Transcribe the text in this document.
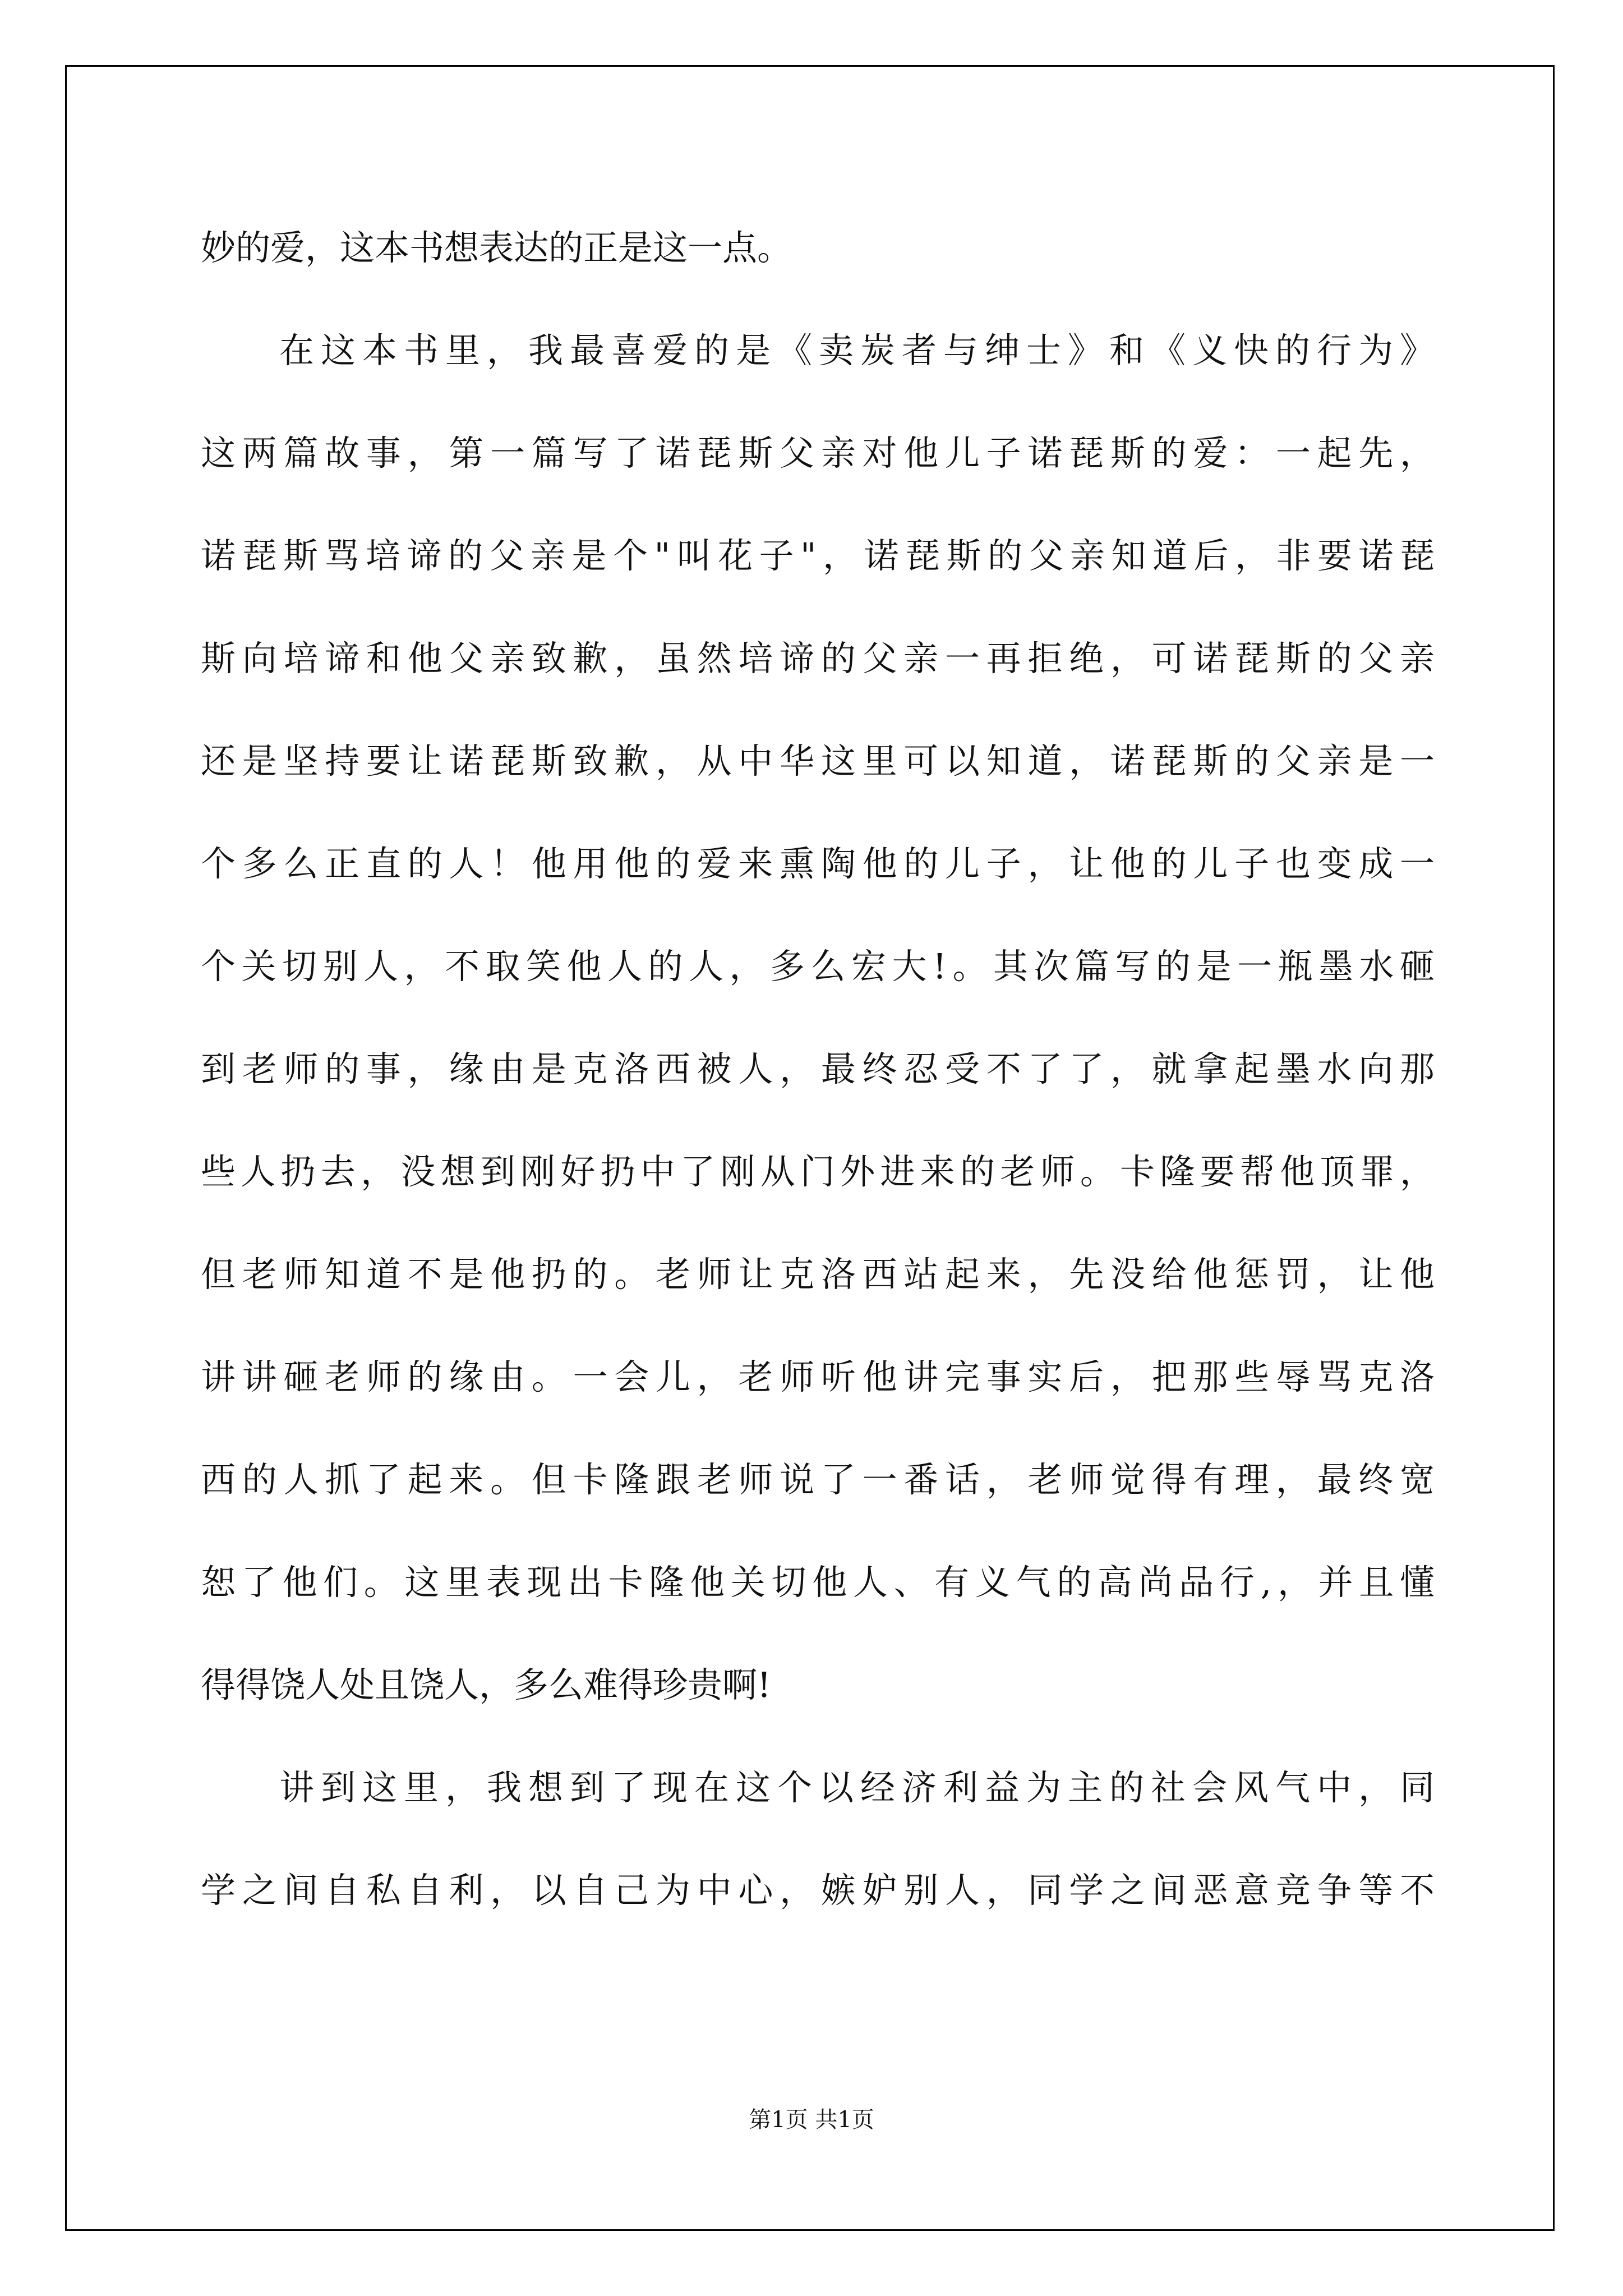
妙的爱，这本书想表达的正是这一点。
在这本书里，我最喜爱的是《卖炭者与绅士》和《义快的行为》
这两篇故事，第一篇写了诺琵斯父亲对他儿子诺琵斯的爱：一起先，
诺琵斯骂培谛的父亲是个"叫花子"，诺琵斯的父亲知道后，非要诺琵
斯向培谛和他父亲致歉，虽然培谛的父亲一再拒绝，可诺琵斯的父亲
还是坚持要让诺琵斯致歉，从中华这里可以知道，诺琵斯的父亲是一
个多么正直的人！他用他的爱来熏陶他的儿子，让他的儿子也变成一
个关切别人，不取笑他人的人，多么宏大!。其次篇写的是一瓶墨水砸
到老师的事，缘由是克洛西被人，最终忍受不了了，就拿起墨水向那
些人扔去，没想到刚好扔中了刚从门外进来的老师。卡隆要帮他顶罪，
但老师知道不是他扔的。老师让克洛西站起来，先没给他惩罚，让他
讲讲砸老师的缘由。一会儿，老师听他讲完事实后，把那些辱骂克洛
西的人抓了起来。但卡隆跟老师说了一番话，老师觉得有理，最终宽
恕了他们。这里表现出卡隆他关切他人、有义气的高尚品行,，并且懂
得得饶人处且饶人，多么难得珍贵啊!
讲到这里，我想到了现在这个以经济利益为主的社会风气中，同
学之间自私自利，以自己为中心，嫉妒别人，同学之间恶意竞争等不
第1页 共1页
